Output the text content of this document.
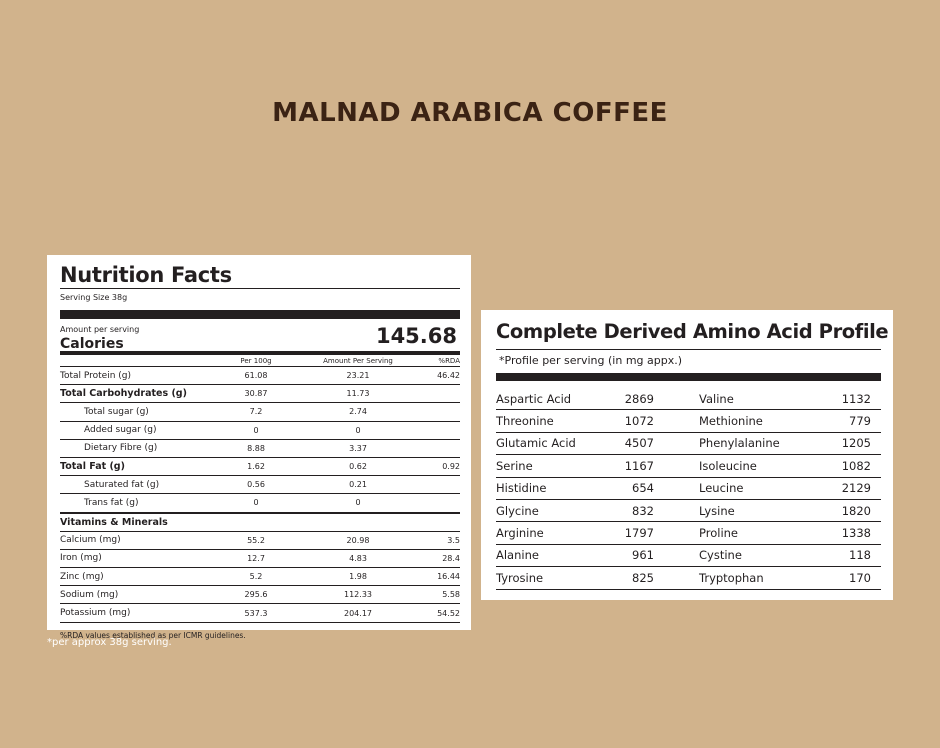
MALNAD ARABICA COFFEE
Nutrition Facts
Serving Size 38g
Amount per serving
Calories	145.68
Per 100g	Amount Per Serving	%RDA
Total Protein (g)	61.08	23.21	46.42
Total Carbohydrates (g)	30.87	11.73
Total sugar (g)	7.2	2.74
Added sugar (g)	0	0
Dietary Fibre (g)	8.88	3.37
Total Fat (g)	1.62	0.62	0.92
Saturated fat (g)	0.56	0.21
Trans fat (g)	0	0
Vitamins & Minerals
Calcium (mg)	55.2	20.98	3.5
Iron (mg)	12.7	4.83	28.4
Zinc (mg)	5.2	1.98	16.44
Sodium (mg)	295.6	112.33	5.58
Potassium (mg)	537.3	204.17	54.52
%RDA values established as per ICMR guidelines.
*per approx 38g serving.
Complete Derived Amino Acid Profile
*Profile per serving (in mg appx.)
Aspartic Acid	2869	Valine	1132
Threonine	1072	Methionine	779
Glutamic Acid	4507	Phenylalanine	1205
Serine	1167	Isoleucine	1082
Histidine	654	Leucine	2129
Glycine	832	Lysine	1820
Arginine	1797	Proline	1338
Alanine	961	Cystine	118
Tyrosine	825	Tryptophan	170
